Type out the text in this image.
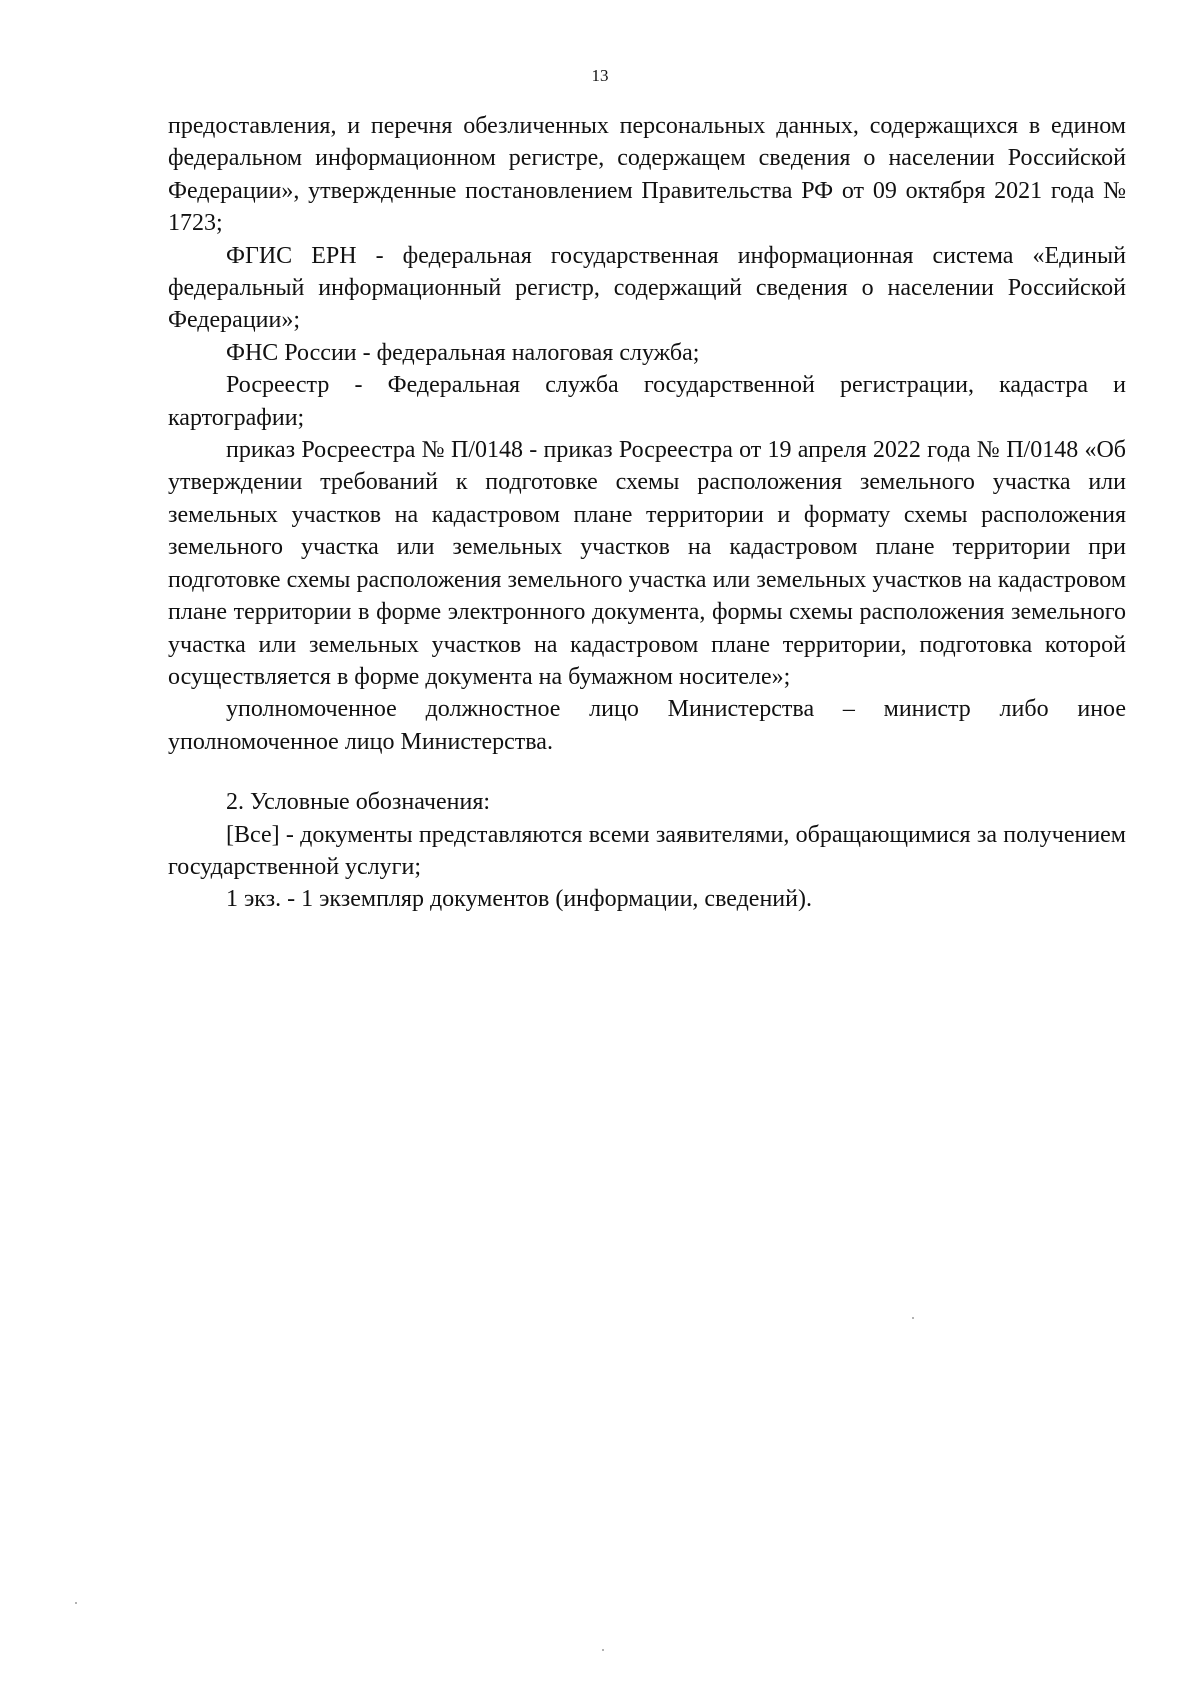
13

предоставления, и перечня обезличенных персональных данных, содержащихся в едином федеральном информационном регистре, содержащем сведения о населении Российской Федерации», утвержденные постановлением Правительства РФ от 09 октября 2021 года № 1723;

ФГИС ЕРН - федеральная государственная информационная система «Единый федеральный информационный регистр, содержащий сведения о населении Российской Федерации»;

ФНС России - федеральная налоговая служба;

Росреестр - Федеральная служба государственной регистрации, кадастра и картографии;

приказ Росреестра № П/0148 - приказ Росреестра от 19 апреля 2022 года № П/0148 «Об утверждении требований к подготовке схемы расположения земельного участка или земельных участков на кадастровом плане территории и формату схемы расположения земельного участка или земельных участков на кадастровом плане территории при подготовке схемы расположения земельного участка или земельных участков на кадастровом плане территории в форме электронного документа, формы схемы расположения земельного участка или земельных участков на кадастровом плане территории, подготовка которой осуществляется в форме документа на бумажном носителе»;

уполномоченное должностное лицо Министерства – министр либо иное уполномоченное лицо Министерства.

2. Условные обозначения:

[Все] - документы представляются всеми заявителями, обращающимися за получением государственной услуги;

1 экз. - 1 экземпляр документов (информации, сведений).
